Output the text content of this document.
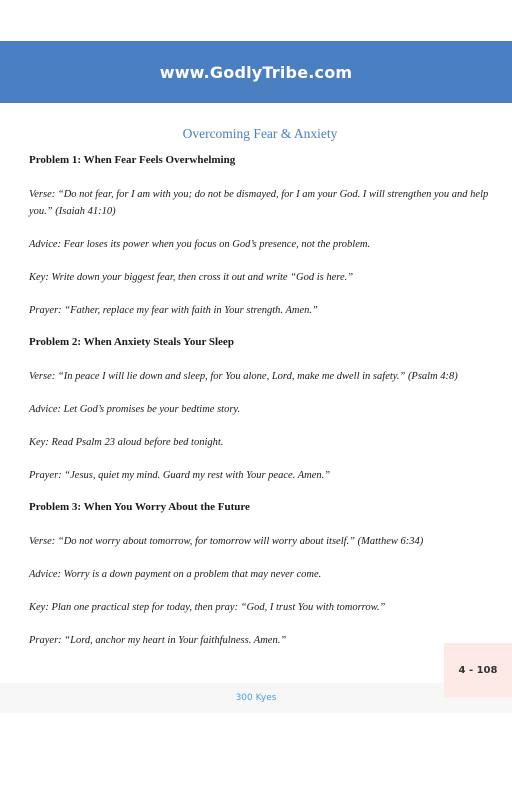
www.GodlyTribe.com
Overcoming Fear & Anxiety

Problem 1: When Fear Feels Overwhelming

Verse: “Do not fear, for I am with you; do not be dismayed, for I am your God. I will strengthen you and help you.” (Isaiah 41:10)

Advice: Fear loses its power when you focus on God’s presence, not the problem.

Key: Write down your biggest fear, then cross it out and write “God is here.”

Prayer: “Father, replace my fear with faith in Your strength. Amen.”

Problem 2: When Anxiety Steals Your Sleep

Verse: “In peace I will lie down and sleep, for You alone, Lord, make me dwell in safety.” (Psalm 4:8)

Advice: Let God’s promises be your bedtime story.

Key: Read Psalm 23 aloud before bed tonight.

Prayer: “Jesus, quiet my mind. Guard my rest with Your peace. Amen.”

Problem 3: When You Worry About the Future

Verse: “Do not worry about tomorrow, for tomorrow will worry about itself.” (Matthew 6:34)

Advice: Worry is a down payment on a problem that may never come.

Key: Plan one practical step for today, then pray: “God, I trust You with tomorrow.”

Prayer: “Lord, anchor my heart in Your faithfulness. Amen.”

300 Kyes
4 - 108
